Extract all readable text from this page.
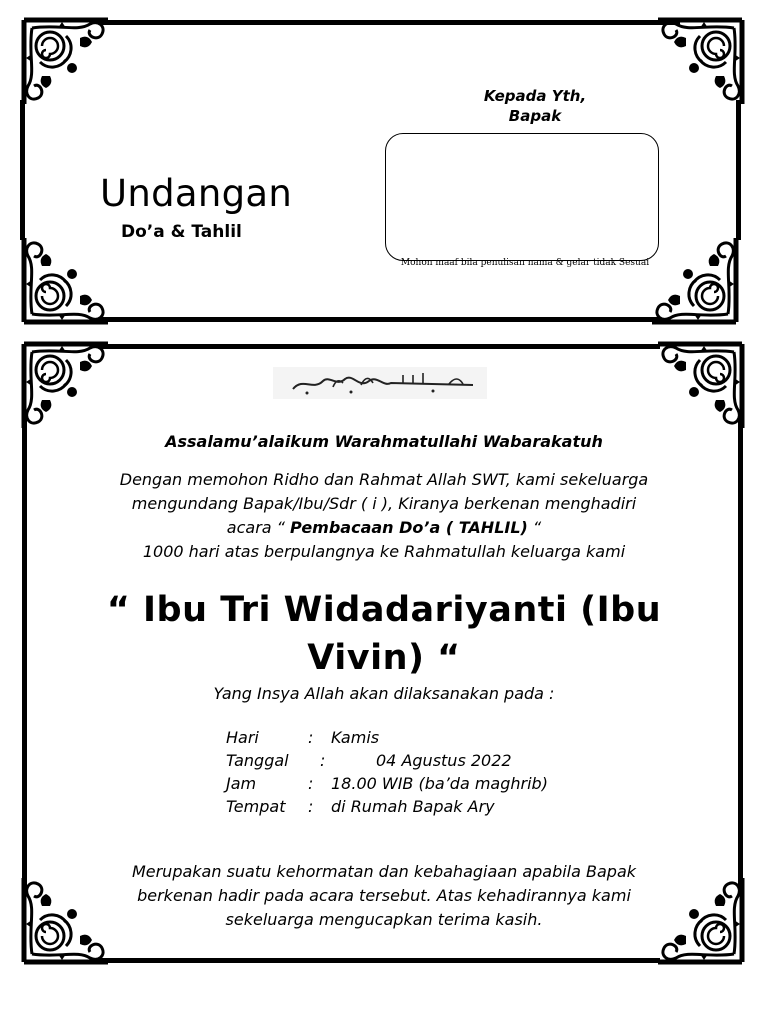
Kepada Yth,
Bapak
Mohon maaf bila penulisan nama & gelar tidak Sesuai
Undangan
Do’a & Tahlil
Assalamu’alaikum Warahmatullahi Wabarakatuh
Dengan memohon Ridho dan Rahmat Allah SWT, kami sekeluarga
mengundang Bapak/Ibu/Sdr ( i ), Kiranya berkenan menghadiri
acara “ Pembacaan Do’a ( TAHLIL) “
1000 hari atas berpulangnya ke Rahmatullah keluarga kami
“ Ibu Tri Widadariyanti (Ibu
Vivin) “
Yang Insya Allah akan dilaksanakan pada :
Hari	: Kamis
Tanggal :	04 Agustus 2022
Jam	: 18.00 WIB (ba’da maghrib)
Tempat : di Rumah Bapak Ary
Merupakan suatu kehormatan dan kebahagiaan apabila Bapak
berkenan hadir pada acara tersebut. Atas kehadirannya kami
sekeluarga mengucapkan terima kasih.
